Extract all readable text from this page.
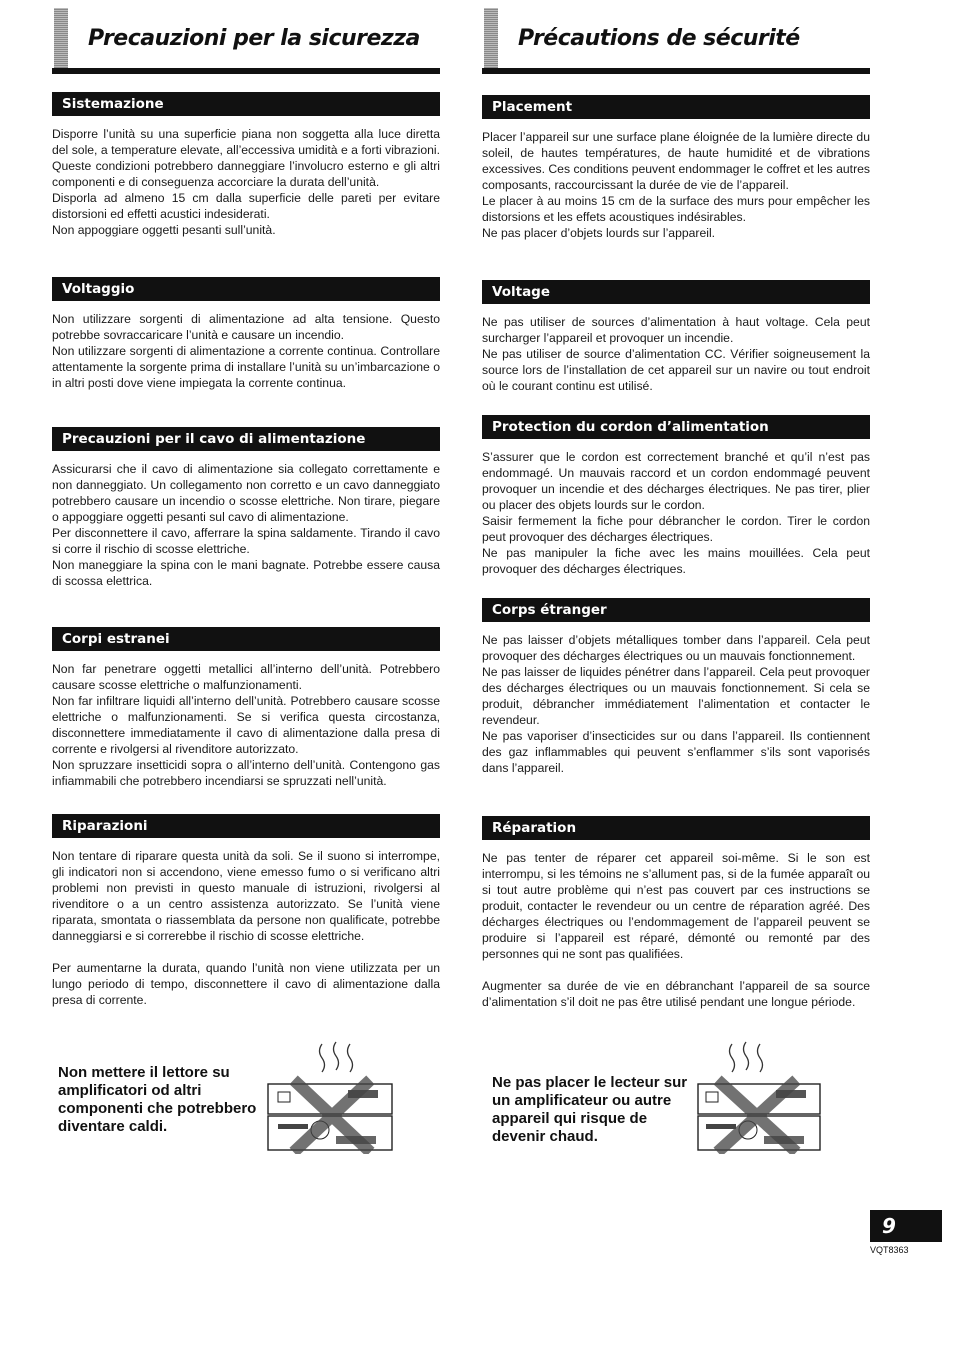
Precauzioni per la sicurezza
Sistemazione

Disporre l’unità su una superficie piana non soggetta alla luce diretta del sole, a temperature elevate, all’eccessiva umidità e a forti vibrazioni. Queste condizioni potrebbero danneggiare l’involucro esterno e gli altri componenti e di conseguenza accorciare la durata dell’unità.

Disporla ad almeno 15 cm dalla superficie delle pareti per evitare distorsioni ed effetti acustici indesiderati.

Non appoggiare oggetti pesanti sull’unità.

Voltaggio

Non utilizzare sorgenti di alimentazione ad alta tensione. Questo potrebbe sovraccaricare l’unità e causare un incendio.

Non utilizzare sorgenti di alimentazione a corrente continua. Controllare attentamente la sorgente prima di installare l’unità su un’imbarcazione o in altri posti dove viene impiegata la corrente continua.

Precauzioni per il cavo di alimentazione

Assicurarsi che il cavo di alimentazione sia collegato correttamente e non danneggiato. Un collegamento non corretto e un cavo danneggiato potrebbero causare un incendio o scosse elettriche. Non tirare, piegare o appoggiare oggetti pesanti sul cavo di alimentazione.

Per disconnettere il cavo, afferrare la spina saldamente. Tirando il cavo si corre il rischio di scosse elettriche.

Non maneggiare la spina con le mani bagnate. Potrebbe essere causa di scossa elettrica.

Corpi estranei

Non far penetrare oggetti metallici all’interno dell’unità. Potrebbero causare scosse elettriche o malfunzionamenti.

Non far infiltrare liquidi all’interno dell’unità. Potrebbero causare scosse elettriche o malfunzionamenti. Se si verifica questa circostanza, disconnettere immediatamente il cavo di alimentazione dalla presa di corrente e rivolgersi al rivenditore autorizzato.

Non spruzzare insetticidi sopra o all’interno dell’unità. Contengono gas infiammabili che potrebbero incendiarsi se spruzzati nell’unità.

Riparazioni

Non tentare di riparare questa unità da soli. Se il suono si interrompe, gli indicatori non si accendono, viene emesso fumo o si verificano altri problemi non previsti in questo manuale di istruzioni, rivolgersi al rivenditore o a un centro assistenza autorizzato. Se l’unità viene riparata, smontata o riassemblata da persone non qualificate, potrebbe danneggiarsi e si correrebbe il rischio di scosse elettriche.

Per aumentarne la durata, quando l’unità non viene utilizzata per un lungo periodo di tempo, disconnettere il cavo di alimentazione dalla presa di corrente.

Non mettere il lettore su amplificatori od altri componenti che potrebbero diventare caldi.

Précautions de sécurité
Placement

Placer l’appareil sur une surface plane éloignée de la lumière directe du soleil, de hautes températures, de haute humidité et de vibrations excessives. Ces conditions peuvent endommager le coffret et les autres composants, raccourcissant la durée de vie de l’appareil.

Le placer à au moins 15 cm de la surface des murs pour empêcher les distorsions et les effets acoustiques indésirables.

Ne pas placer d’objets lourds sur l’appareil.

Voltage

Ne pas utiliser de sources d’alimentation à haut voltage. Cela peut surcharger l’appareil et provoquer un incendie.

Ne pas utiliser de source d’alimentation CC. Vérifier soigneusement la source lors de l’installation de cet appareil sur un navire ou tout endroit où le courant continu est utilisé.

Protection du cordon d’alimentation

S’assurer que le cordon est correctement branché et qu’il n’est pas endommagé. Un mauvais raccord et un cordon endommagé peuvent provoquer un incendie et des décharges électriques. Ne pas tirer, plier ou placer des objets lourds sur le cordon.

Saisir fermement la fiche pour débrancher le cordon. Tirer le cordon peut provoquer des décharges électriques.

Ne pas manipuler la fiche avec les mains mouillées. Cela peut provoquer des décharges électriques.

Corps étranger

Ne pas laisser d’objets métalliques tomber dans l’appareil. Cela peut provoquer des décharges électriques ou un mauvais fonctionnement.

Ne pas laisser de liquides pénétrer dans l’appareil. Cela peut provoquer des décharges électriques ou un mauvais fonctionnement. Si cela se produit, débrancher immédiatement l’alimentation et contacter le revendeur.

Ne pas vaporiser d’insecticides sur ou dans l’appareil. Ils contiennent des gaz inflammables qui peuvent s’enflammer s’ils sont vaporisés dans l’appareil.

Réparation

Ne pas tenter de réparer cet appareil soi-même. Si le son est interrompu, si les témoins ne s’allument pas, si de la fumée apparaît ou si tout autre problème qui n’est pas couvert par ces instructions se produit, contacter le revendeur ou un centre de réparation agréé. Des décharges électriques ou l’endommagement de l’appareil peuvent se produire si l’appareil est réparé, démonté ou remonté par des personnes qui ne sont pas qualifiées.

Augmenter sa durée de vie en débranchant l’appareil de sa source d’alimentation s’il doit ne pas être utilisé pendant une longue période.

Ne pas placer le lecteur sur un amplificateur ou autre appareil qui risque de devenir chaud.

9
VQT8363
